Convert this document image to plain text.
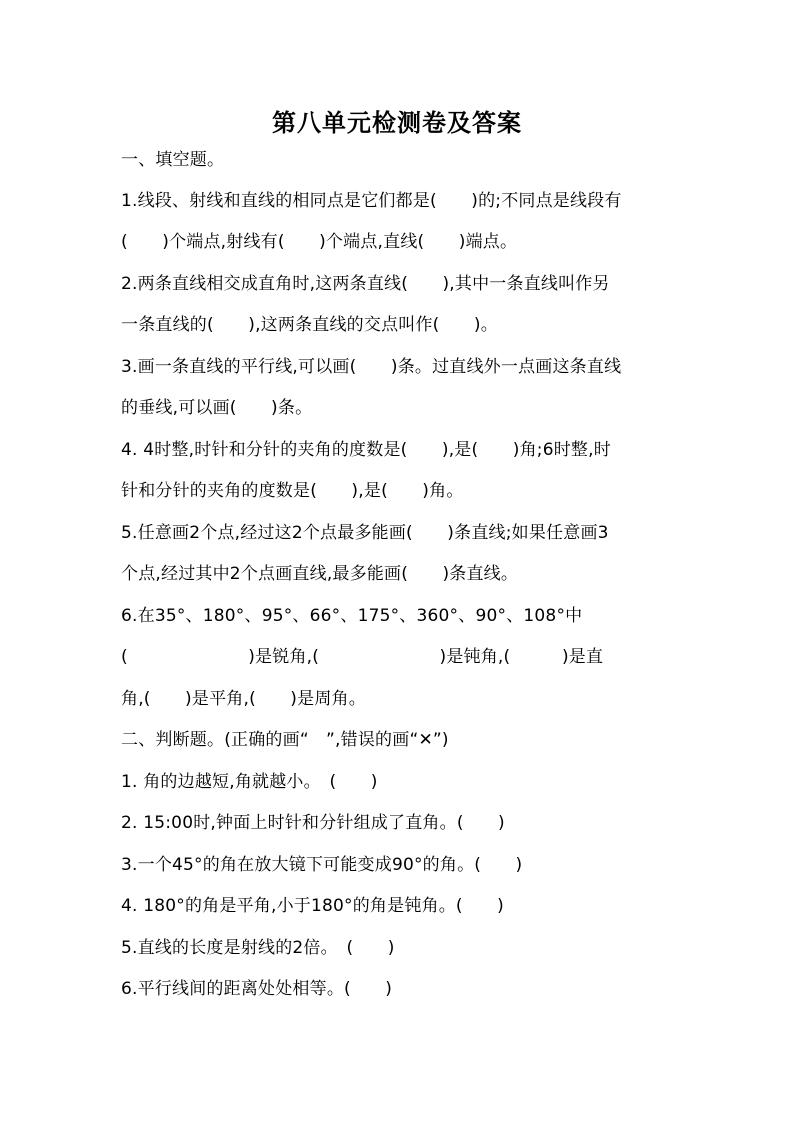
第八单元检测卷及答案
一、填空题。
1.线段、射线和直线的相同点是它们都是(　　)的;不同点是线段有
(　　)个端点,射线有(　　)个端点,直线(　　)端点。
2.两条直线相交成直角时,这两条直线(　　),其中一条直线叫作另
一条直线的(　　),这两条直线的交点叫作(　　)。
3.画一条直线的平行线,可以画(　　)条。过直线外一点画这条直线
的垂线,可以画(　　)条。
4. 4时整,时针和分针的夹角的度数是(　　),是(　　)角;6时整,时
针和分针的夹角的度数是(　　),是(　　)角。
5.任意画2个点,经过这2个点最多能画(　　)条直线;如果任意画3
个点,经过其中2个点画直线,最多能画(　　)条直线。
6.在35°、180°、95°、66°、175°、360°、90°、108°中
(　　　　　　　)是锐角,(　　　　　　　)是钝角,(　　　)是直
角,(　　)是平角,(　　)是周角。
二、判断题。(正确的画“　”,错误的画“✕”)
1. 角的边越短,角就越小。　(　　)
2. 15:00时,钟面上时针和分针组成了直角。(　　)
3.一个45°的角在放大镜下可能变成90°的角。(　　)
4. 180°的角是平角,小于180°的角是钝角。(　　)
5.直线的长度是射线的2倍。　(　　)
6.平行线间的距离处处相等。(　　)
